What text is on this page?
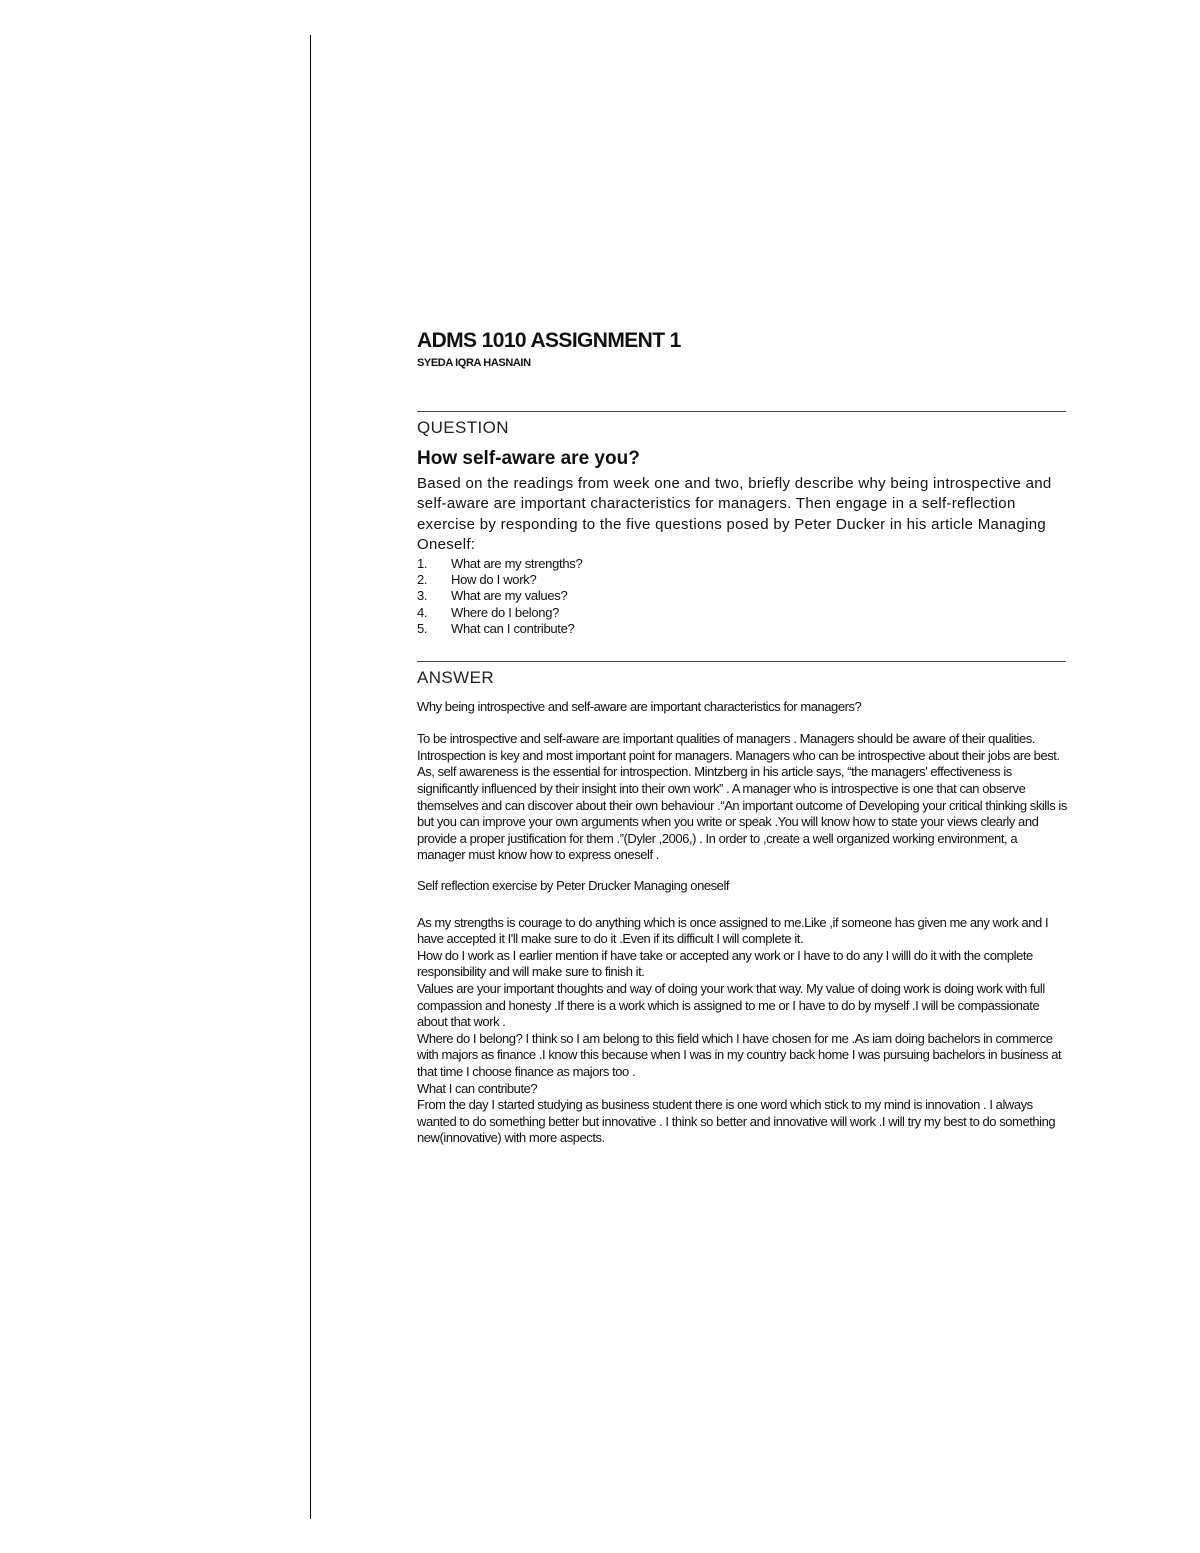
ADMS 1010 ASSIGNMENT 1

SYEDA IQRA HASNAIN

QUESTION

How self-aware are you?

Based on the readings from week one and two, briefly describe why being introspective and self-aware are important characteristics for managers. Then engage in a self-reflection exercise by responding to the five questions posed by Peter Ducker in his article Managing Oneself:

1.	What are my strengths?
2.	How do I work?
3.	What are my values?
4.	Where do I belong?
5.	What can I contribute?

ANSWER

Why being introspective and self-aware are important characteristics for managers?

To be introspective and self-aware are important qualities of managers . Managers should be aware of their qualities. Introspection is key and most important point for managers. Managers who can be introspective about their jobs are best. As, self awareness is the essential for introspection. Mintzberg in his article says, “the managers' effectiveness is significantly influenced by their insight into their own work” . A manager who is introspective is one that can observe themselves and can discover about their own behaviour .“An important outcome of Developing your critical thinking skills is but you can improve your own arguments when you write or speak .You will know how to state your views clearly and provide a proper justification for them .”(Dyler ,2006,) . In order to ,create a well organized working environment, a manager must know how to express oneself .

Self reflection exercise by Peter Drucker Managing oneself

As my strengths is courage to do anything which is once assigned to me.Like ,if someone has given me any work and I have accepted it I'll make sure to do it .Even if its difficult I will complete it.

How do I work as I earlier mention if have take or accepted any work or I have to do any I willl do it with the complete responsibility and will make sure to finish it.

Values are your important thoughts and way of doing your work that way. My value of doing work is doing work with full compassion and honesty .If there is a work which is assigned to me or I have to do by myself .I will be compassionate about that work .

Where do I belong? I think so I am belong to this field which I have chosen for me .As iam doing bachelors in commerce with majors as finance .I know this because when I was in my country back home I was pursuing bachelors in business at that time I choose finance as majors too .

What I can contribute?

From the day I started studying as business student there is one word which stick to my mind is innovation . I always wanted to do something better but innovative . I think so better and innovative will work .I will try my best to do something new(innovative) with more aspects.
